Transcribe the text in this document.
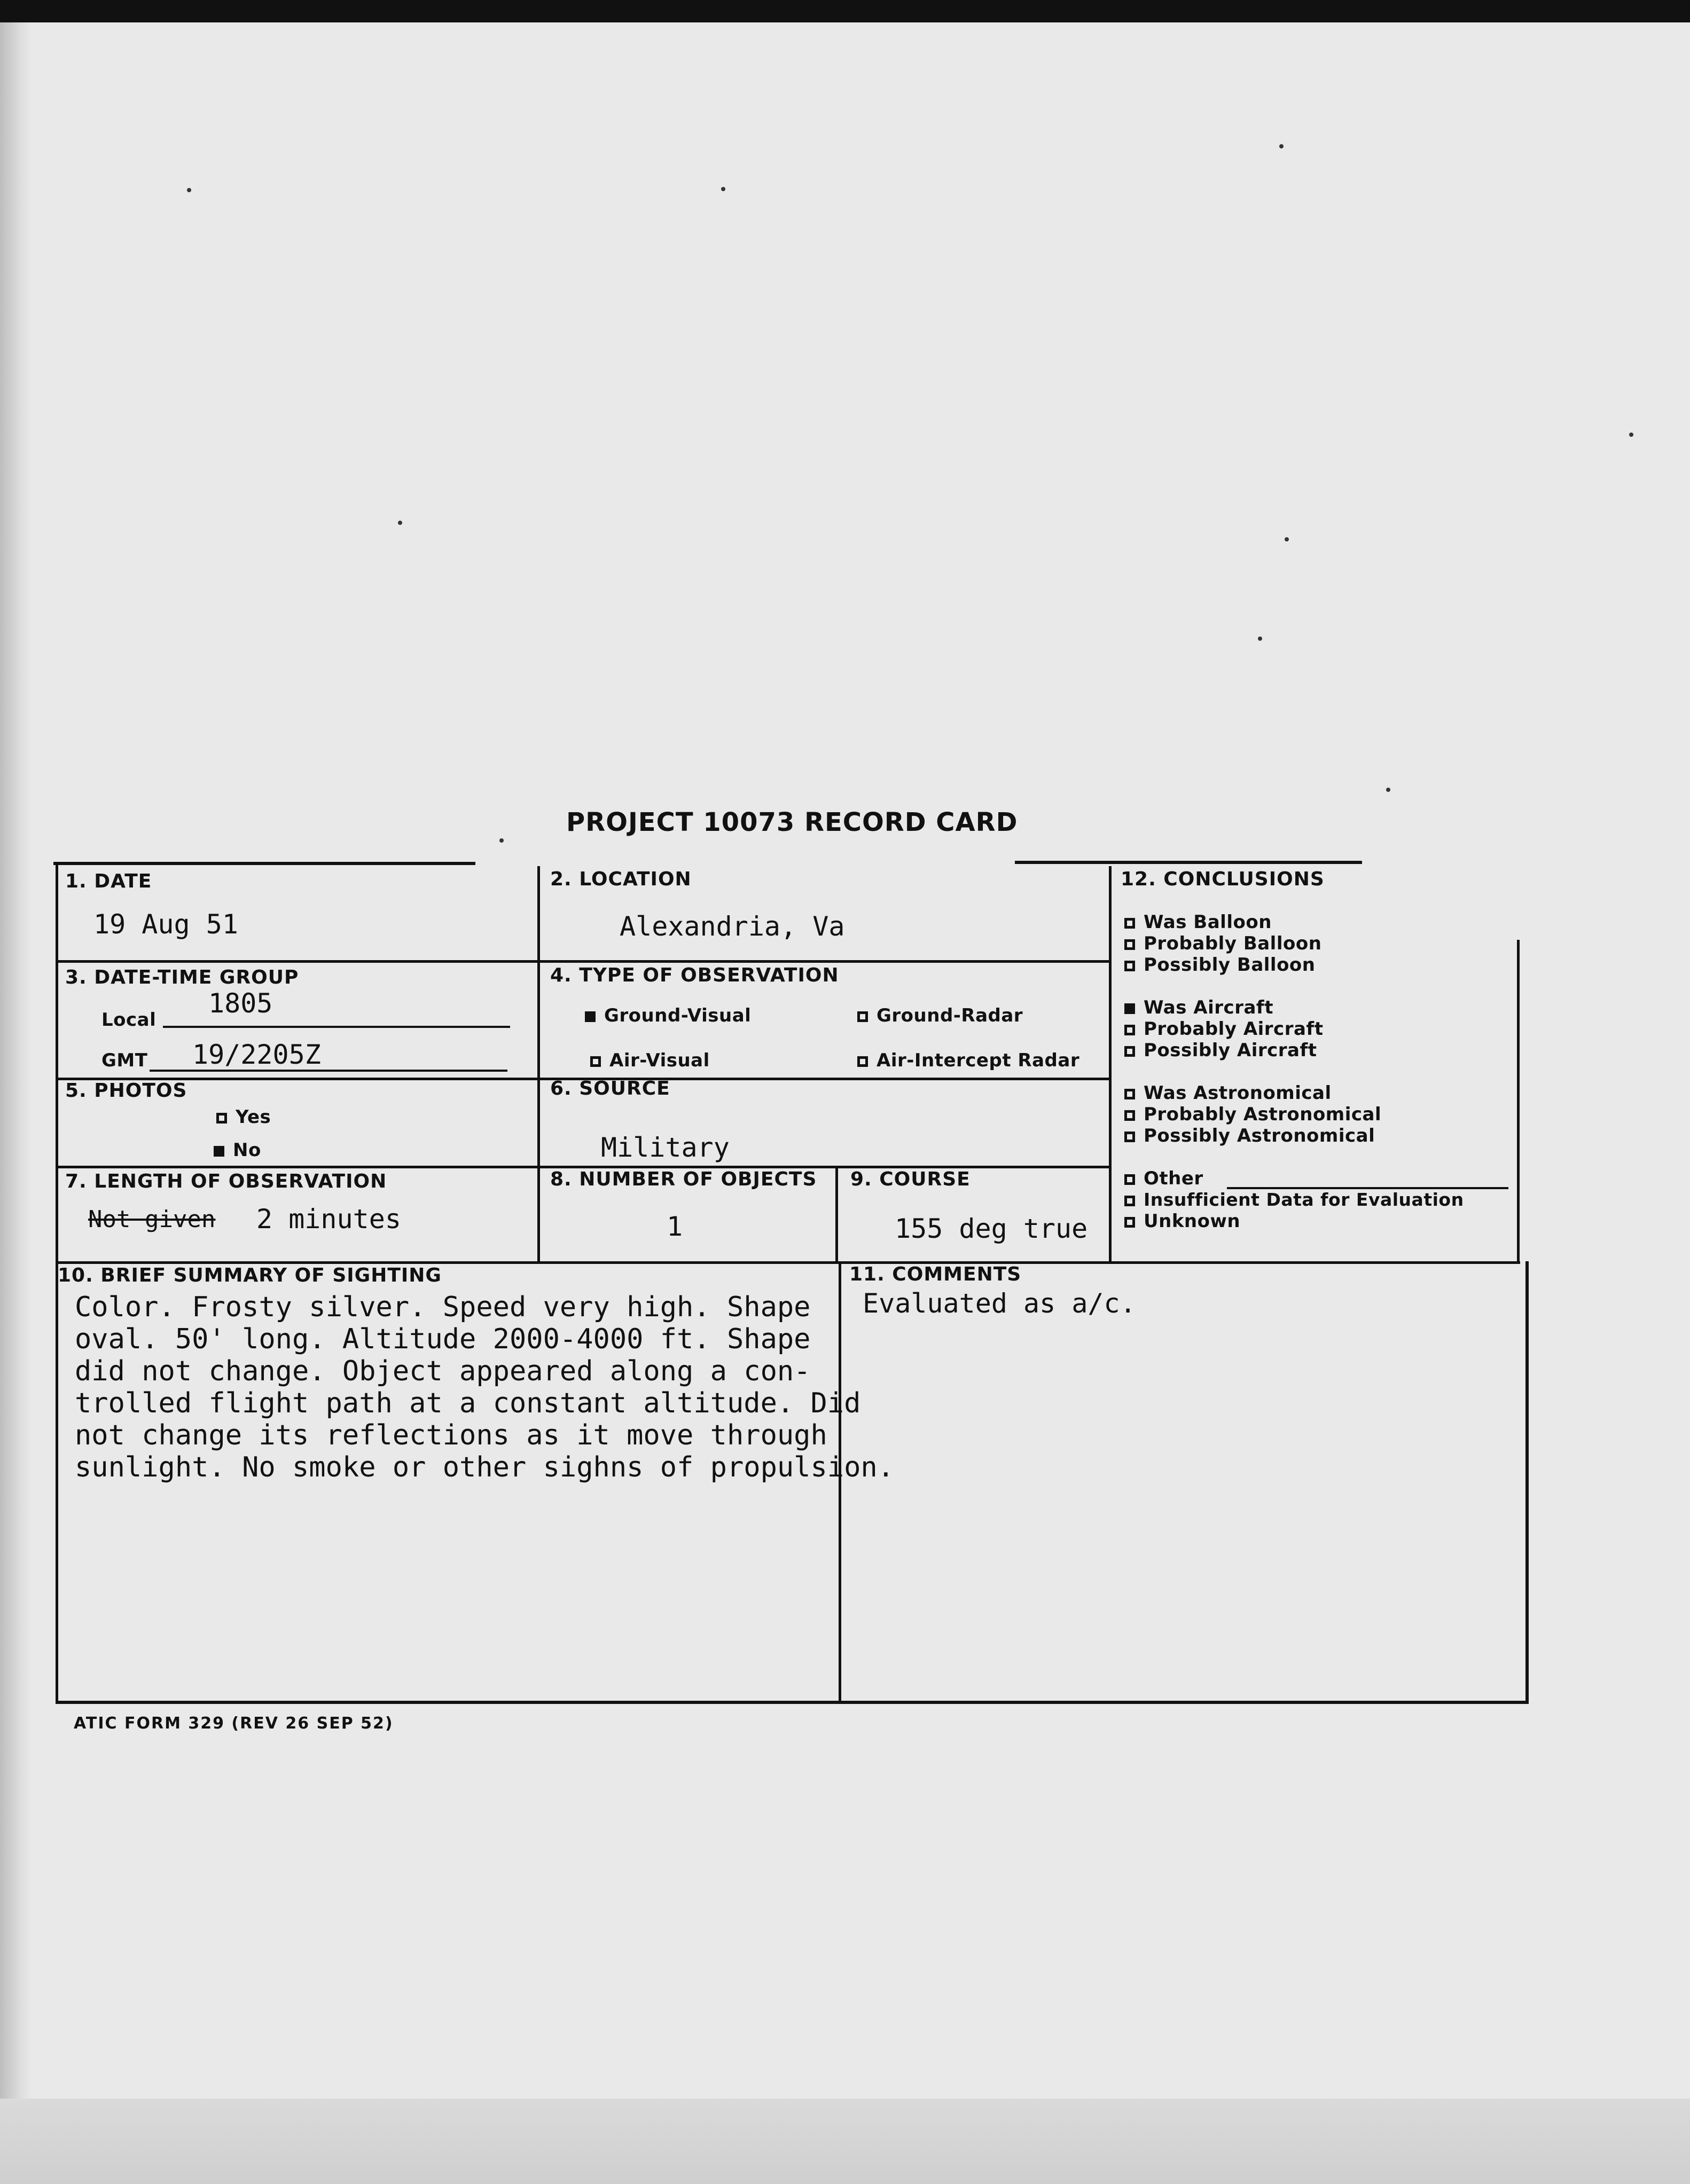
PROJECT 10073 RECORD CARD
1. DATE
19 Aug 51
2. LOCATION
Alexandria, Va
3. DATE-TIME GROUP
Local
1805
GMT 19/2205Z
4. TYPE OF OBSERVATION
Ground-Visual	Ground-Radar
Air-Visual	Air-Intercept Radar
5. PHOTOS
Yes
No
6. SOURCE
Military
7. LENGTH OF OBSERVATION
Not given 2 minutes
8. NUMBER OF OBJECTS
1
9. COURSE
155 deg true
12. CONCLUSIONS
Was Balloon
Probably Balloon
Possibly Balloon
Was Aircraft
Probably Aircraft
Possibly Aircraft
Was Astronomical
Probably Astronomical
Possibly Astronomical
Other
Insufficient Data for Evaluation
Unknown
10. BRIEF SUMMARY OF SIGHTING
Color. Frosty silver. Speed very high. Shape
oval. 50' long. Altitude 2000-4000 ft. Shape
did not change. Object appeared along a con-
trolled flight path at a constant altitude. Did
not change its reflections as it move through
sunlight. No smoke or other sighns of propulsion.
11. COMMENTS
Evaluated as a/c.
ATIC FORM 329 (REV 26 SEP 52)
